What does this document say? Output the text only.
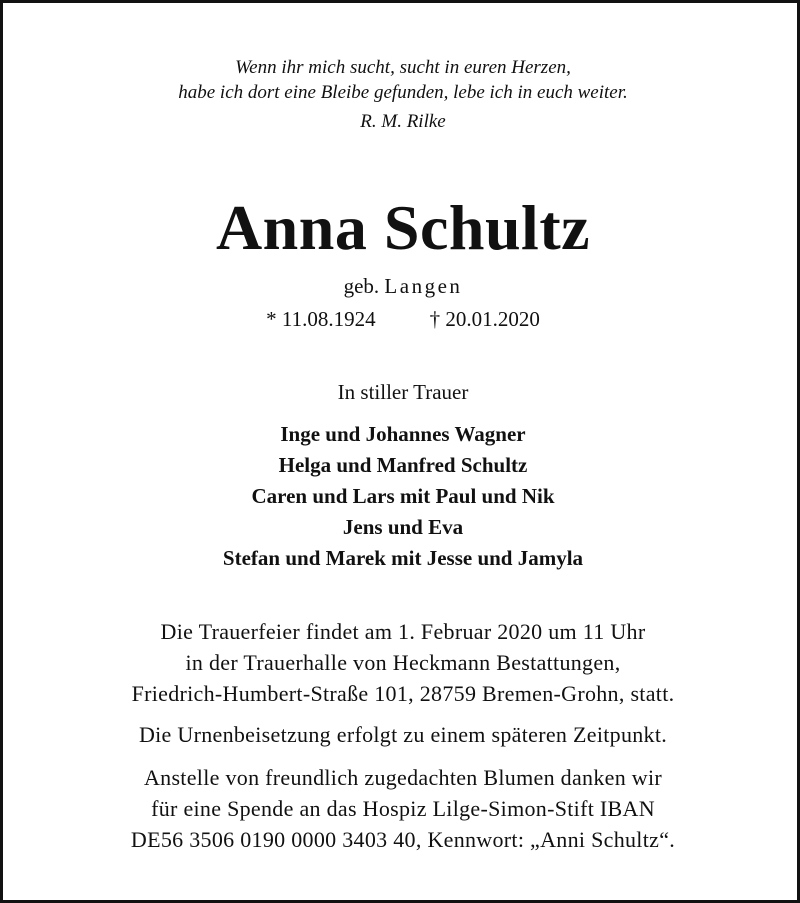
Wenn ihr mich sucht, sucht in euren Herzen,
habe ich dort eine Bleibe gefunden, lebe ich in euch weiter.
R. M. Rilke
Anna Schultz
geb. Langen
* 11.08.1924	† 20.01.2020
In stiller Trauer
Inge und Johannes Wagner
Helga und Manfred Schultz
Caren und Lars mit Paul und Nik
Jens und Eva
Stefan und Marek mit Jesse und Jamyla
Die Trauerfeier findet am 1. Februar 2020 um 11 Uhr
in der Trauerhalle von Heckmann Bestattungen,
Friedrich-Humbert-Straße 101, 28759 Bremen-Grohn, statt.
Die Urnenbeisetzung erfolgt zu einem späteren Zeitpunkt.
Anstelle von freundlich zugedachten Blumen danken wir
für eine Spende an das Hospiz Lilge-Simon-Stift IBAN
DE56 3506 0190 0000 3403 40, Kennwort: „Anni Schultz“.
